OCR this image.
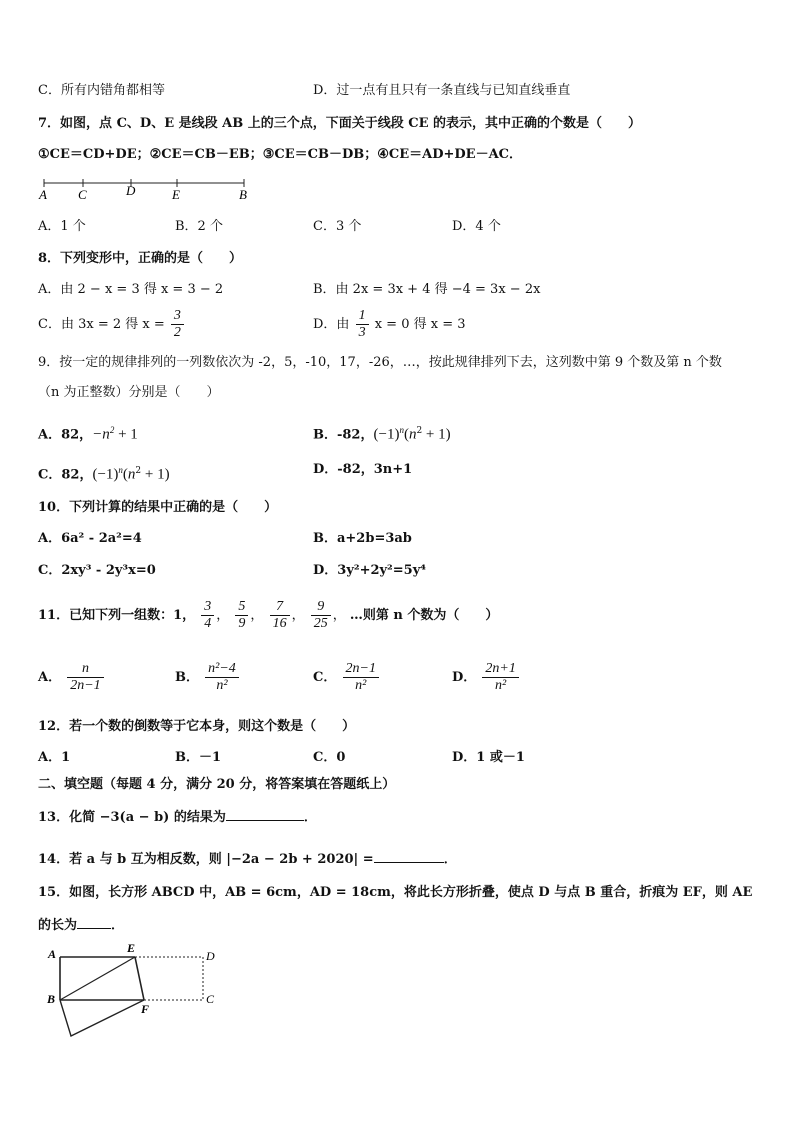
C．所有内错角都相等	D．过一点有且只有一条直线与已知直线垂直
7．如图，点 C、D、E 是线段 AB 上的三个点，下面关于线段 CE 的表示，其中正确的个数是（　　）
①CE＝CD+DE；②CE＝CB－EB；③CE＝CB－DB；④CE＝AD+DE－AC．
A C	D	E	B
A．1 个	B．2 个	C．3 个	D．4 个
8．下列变形中，正确的是（　　）
A．由 2 − x = 3 得 x = 3 − 2	B．由 2x = 3x + 4 得 −4 = 3x − 2x
C．由 3x = 2 得 $x = \frac{3}{2}$	D．由 $\frac{1}{3}$ x = 0 得 x = 3
9．按一定的规律排列的一列数依次为 -2，5，-10，17，-26，…，按此规律排列下去，这列数中第 9 个数及第 n 个数
（n 为正整数）分别是（　　）
A．82，$-n^2 + 1$	B．-82，$(-1)^n(n^2 + 1)$
C．82，$(-1)^n(n^2 + 1)$	D．-82，3n+1
10．下列计算的结果中正确的是（　　）
A．6a² - 2a²=4	B．a+2b=3ab
C．2xy³ - 2y³x=0	D．3y²+2y²=5y⁴
11．已知下列一组数：1， $\frac{3}{4}$ ， $\frac{5}{9}$ ， $\frac{7}{16}$ ， $\frac{9}{25}$ ， …则第 n 个数为（　　）
A． $\frac{n}{2n-1}$	B． $\frac{\text{n²−4}}{\text{n²}}$	C． $\frac{2n-1}{\text{n²}}$	D． $\frac{2n+1}{\text{n²}}$
12．若一个数的倒数等于它本身，则这个数是（　　）
A．1	B．－1	C．0	D．1 或－1
二、填空题（每题 4 分，满分 20 分，将答案填在答题纸上）
13．化简 −3(a − b) 的结果为	．
14．若 a 与 b 互为相反数，则 |−2a − 2b + 2020| =	．
15．如图，长方形 ABCD 中，AB = 6cm，AD = 18cm，将此长方形折叠，使点 D 与点 B 重合，折痕为 EF，则 AE
的长为	．
A	E
D
B
F
C
